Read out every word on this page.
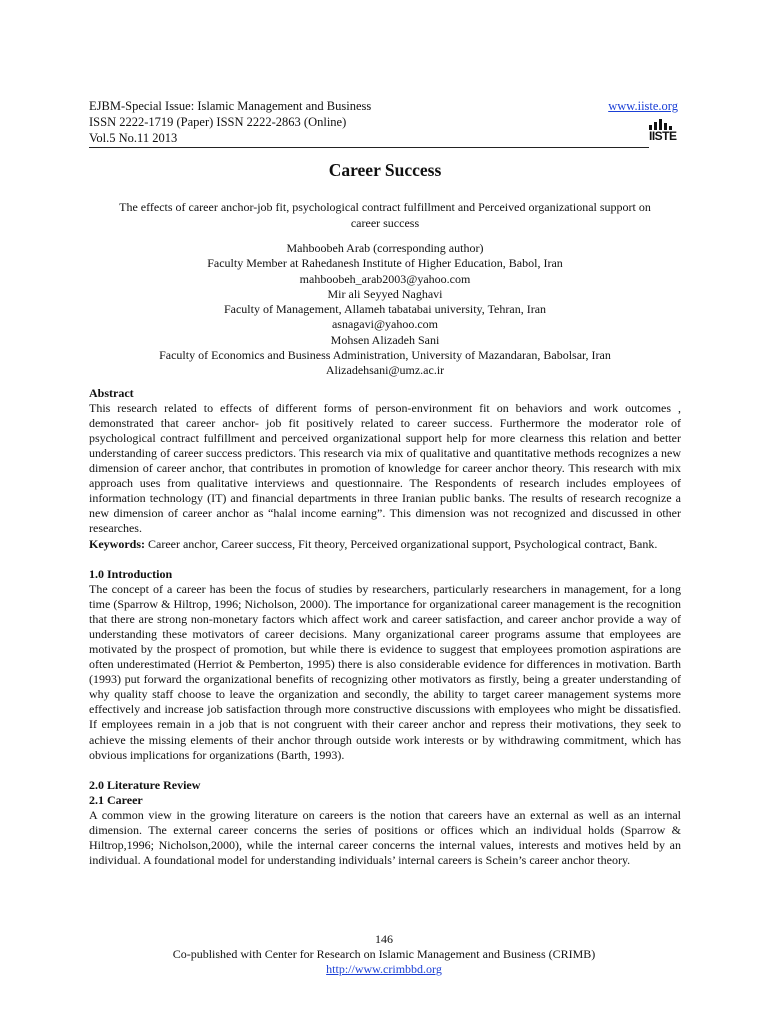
EJBM-Special Issue: Islamic Management and Business
ISSN 2222-1719 (Paper) ISSN 2222-2863 (Online)
Vol.5 No.11 2013
www.iiste.org
IISTE
Career Success
The effects of career anchor-job fit, psychological contract fulfillment and Perceived organizational support on career success
Mahboobeh Arab (corresponding author)
Faculty Member at Rahedanesh Institute of Higher Education, Babol, Iran
mahboobeh_arab2003@yahoo.com
Mir ali Seyyed Naghavi
Faculty of Management, Allameh tabatabai university, Tehran, Iran
asnagavi@yahoo.com
Mohsen Alizadeh Sani
Faculty of Economics and Business Administration, University of Mazandaran, Babolsar, Iran
Alizadehsani@umz.ac.ir
Abstract
This research related to effects of different forms of person-environment fit on behaviors and work outcomes , demonstrated that career anchor- job fit positively related to career success. Furthermore the moderator role of psychological contract fulfillment and perceived organizational support help for more clearness this relation and better understanding of career success predictors. This research via mix of qualitative and quantitative methods recognizes a new dimension of career anchor, that contributes in promotion of knowledge for career anchor theory. This research with mix approach uses from qualitative interviews and questionnaire. The Respondents of research includes employees of information technology (IT) and financial departments in three Iranian public banks. The results of research recognize a new dimension of career anchor as “halal income earning”. This dimension was not recognized and discussed in other researches.
Keywords: Career anchor, Career success, Fit theory, Perceived organizational support, Psychological contract, Bank.
1.0 Introduction
The concept of a career has been the focus of studies by researchers, particularly researchers in management, for a long time (Sparrow & Hiltrop, 1996; Nicholson, 2000). The importance for organizational career management is the recognition that there are strong non-monetary factors which affect work and career satisfaction, and career anchor provide a way of understanding these motivators of career decisions. Many organizational career programs assume that employees are motivated by the prospect of promotion, but while there is evidence to suggest that employees promotion aspirations are often underestimated (Herriot & Pemberton, 1995) there is also considerable evidence for differences in motivation. Barth (1993) put forward the organizational benefits of recognizing other motivators as firstly, being a greater understanding of why quality staff choose to leave the organization and secondly, the ability to target career management systems more effectively and increase job satisfaction through more constructive discussions with employees who might be dissatisfied. If employees remain in a job that is not congruent with their career anchor and repress their motivations, they seek to achieve the missing elements of their anchor through outside work interests or by withdrawing commitment, which has obvious implications for organizations (Barth, 1993).
2.0 Literature Review
2.1 Career
A common view in the growing literature on careers is the notion that careers have an external as well as an internal dimension. The external career concerns the series of positions or offices which an individual holds (Sparrow & Hiltrop,1996; Nicholson,2000), while the internal career concerns the internal values, interests and motives held by an individual. A foundational model for understanding individuals’ internal careers is Schein’s career anchor theory.
146
Co-published with Center for Research on Islamic Management and Business (CRIMB)
http://www.crimbbd.org
